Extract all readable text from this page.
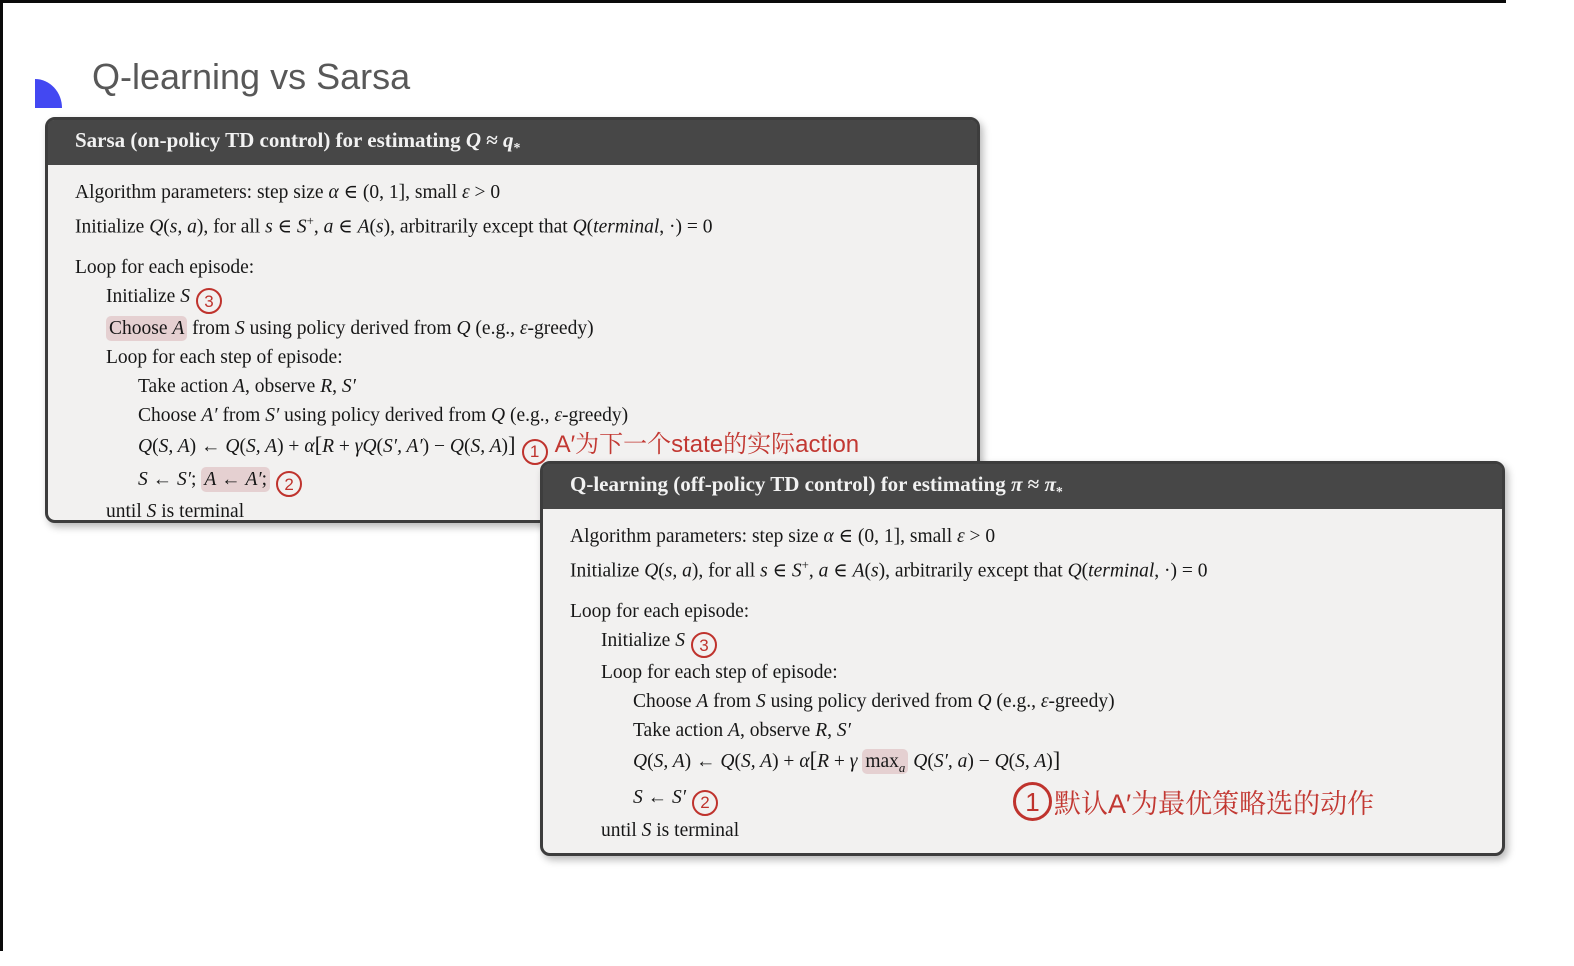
Q-learning vs Sarsa
Sarsa (on-policy TD control) for estimating $Q \approx q_*$
Algorithm parameters: step size α ∈ (0, 1], small ε > 0
Initialize Q(s, a), for all s ∈ S+, a ∈ A(s), arbitrarily except that Q(terminal, ·) = 0
Loop for each episode:
Initialize S 3
Choose A from S using policy derived from Q (e.g., ε-greedy)
Loop for each step of episode:
Take action A, observe R, S′
Choose A′ from S′ using policy derived from Q (e.g., ε-greedy)
Q(S, A) ← Q(S, A) + α[R + γQ(S′, A′) − Q(S, A)] 1 A′为下一个state的实际action
S ← S′; A ← A′; 2
until S is terminal
Q-learning (off-policy TD control) for estimating $\pi \approx \pi_*$
Algorithm parameters: step size α ∈ (0, 1], small ε > 0
Initialize Q(s, a), for all s ∈ S+, a ∈ A(s), arbitrarily except that Q(terminal, ·) = 0
Loop for each episode:
Initialize S 3
Loop for each step of episode:
Choose A from S using policy derived from Q (e.g., ε-greedy)
Take action A, observe R, S′
Q(S, A) ← Q(S, A) + α[R + γ $\max_a Q(S'$, a) − Q(S, A)]
S ← S′ 2
until S is terminal
1 默认A′为最优策略选的动作
